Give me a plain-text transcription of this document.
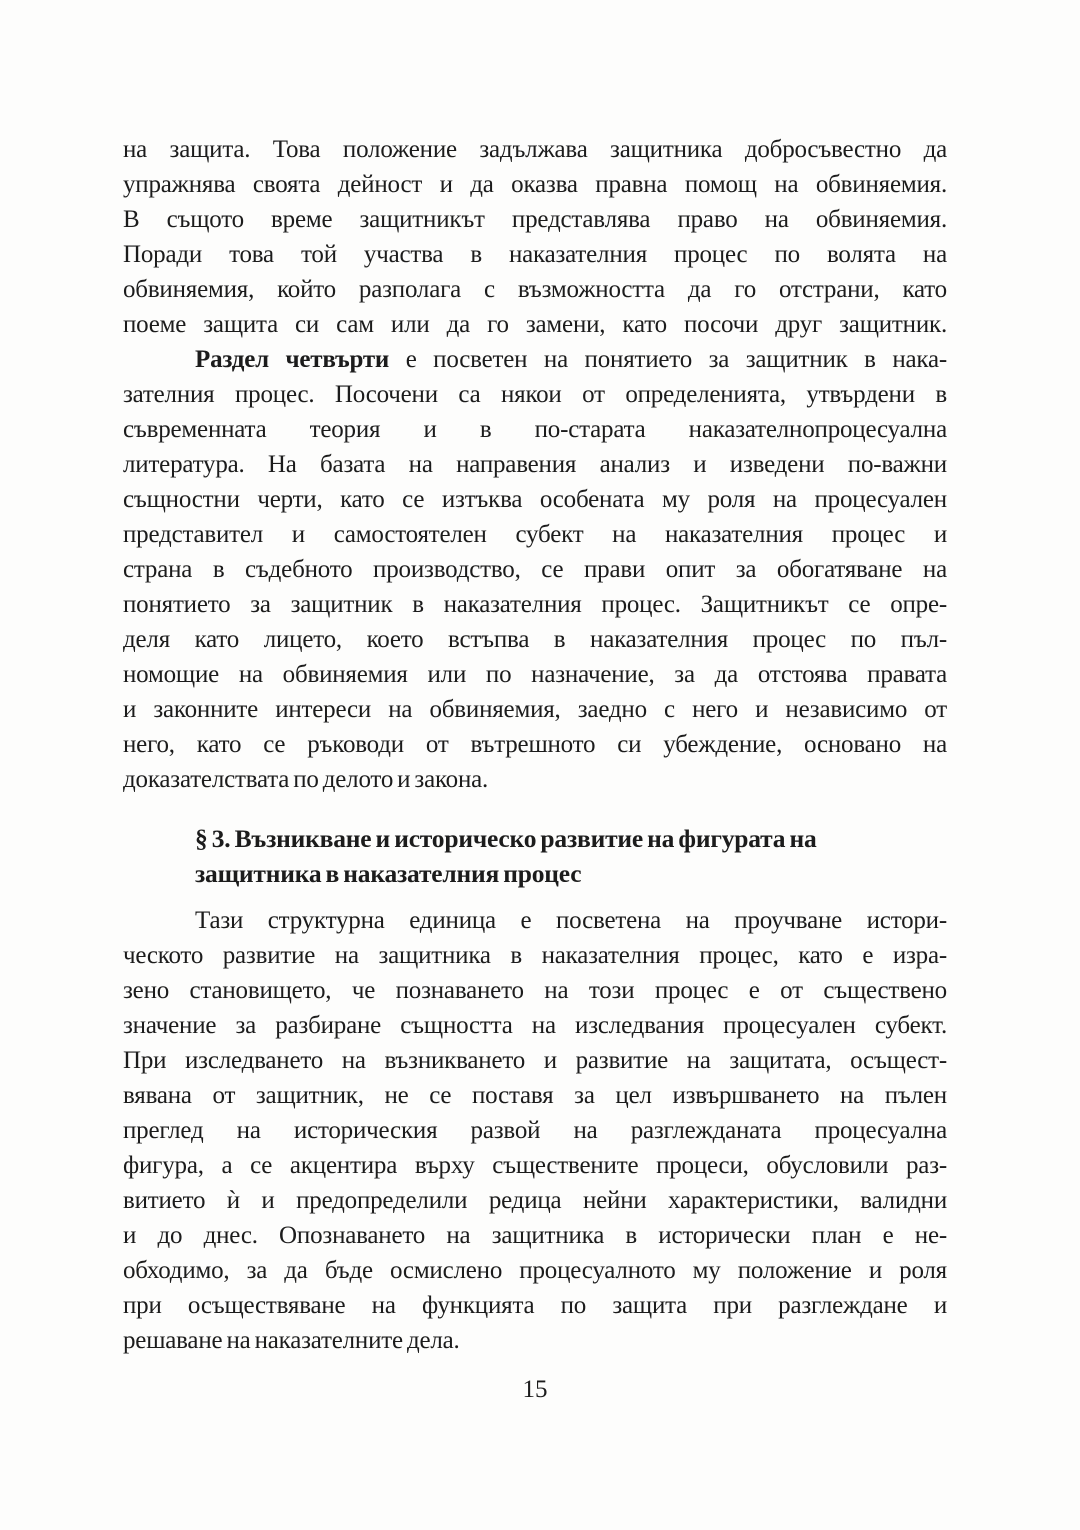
на защита. Това положение задължава защитника добросъвестно да
упражнява своята дейност и да оказва правна помощ на обвиняемия.
В същото време защитникът представлява право на обвиняемия.
Поради това той участва в наказателния процес по волята на
обвиняемия, който разполага с възможността да го отстрани, като
поеме защита си сам или да го замени, като посочи друг защитник.
Раздел четвърти е посветен на понятието за защитник в нака-
зателния процес. Посочени са някои от определенията, утвърдени в
съвременната теория и в по-старата наказателнопроцесуална
литература. На базата на направения анализ и изведени по-важни
същностни черти, като се изтъква особената му роля на процесуален
представител и самостоятелен субект на наказателния процес и
страна в съдебното производство, се прави опит за обогатяване на
понятието за защитник в наказателния процес. Защитникът се опре-
деля като лицето, което встъпва в наказателния процес по пъл-
номощие на обвиняемия или по назначение, за да отстоява правата
и законните интереси на обвиняемия, заедно с него и независимо от
него, като се ръководи от вътрешното си убеждение, основано на
доказателствата по делото и закона.
§ 3. Възникване и историческо развитие на фигурата на
защитника в наказателния процес
Тази структурна единица е посветена на проучване истори-
ческото развитие на защитника в наказателния процес, като е изра-
зено становището, че познаването на този процес е от съществено
значение за разбиране същността на изследвания процесуален субект.
При изследването на възникването и развитие на защитата, осъщест-
вявана от защитник, не се поставя за цел извършването на пълен
преглед на историческия развой на разглежданата процесуална
фигура, а се акцентира върху съществените процеси, обусловили раз-
витието ѝ и предопределили редица нейни характеристики, валидни
и до днес. Опознаването на защитника в исторически план е не-
обходимо, за да бъде осмислено процесуалното му положение и роля
при осъществяване на функцията по защита при разглеждане и
решаване на наказателните дела.
15
